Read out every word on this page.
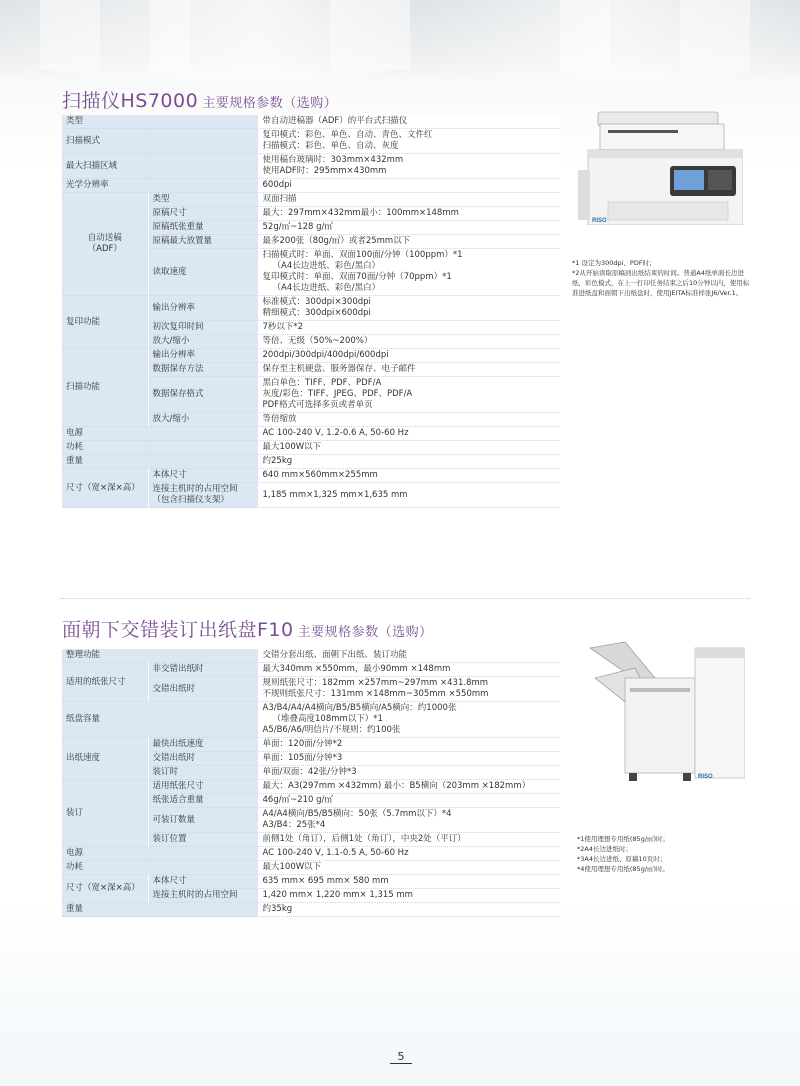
扫描仪HS7000 主要规格参数（选购）
类型		带自动进稿器（ADF）的平台式扫描仪

扫描模式		复印模式：彩色、单色、自动、青色、文件红
扫描模式：彩色、单色、自动、灰度

最大扫描区域		使用稿台玻璃时：303mm×432mm
使用ADF时：295mm×430mm

光学分辨率		600dpi

自动送稿
（ADF）	类型	双面扫描

	原稿尺寸	最大：297mm×432mm最小：100mm×148mm

	原稿纸张重量	52g/㎡~128 g/㎡

	原稿最大放置量	最多200张（80g/㎡）或者25mm以下

	读取速度	扫描模式时：单面、双面100面/分钟（100ppm）*1
（A4长边进纸、彩色/黑白）
复印模式时：单面、双面70面/分钟（70ppm）*1
（A4长边进纸、彩色/黑白）

复印功能	输出分辨率	标准模式：300dpi×300dpi
精细模式：300dpi×600dpi

	初次复印时间	7秒以下*2

	放大/缩小	等倍、无级（50%~200%）

扫描功能	输出分辨率	200dpi/300dpi/400dpi/600dpi

	数据保存方法	保存至主机硬盘、服务器保存、电子邮件

	数据保存格式	黑白单色：TIFF、PDF、PDF/A
灰度/彩色：TIFF、JPEG、PDF、PDF/A
PDF格式可选择多页或者单页

	放大/缩小	等倍缩放

电源		AC 100-240 V, 1.2-0.6 A, 50-60 Hz

功耗		最大100W以下

重量		约25kg

尺寸（宽×深×高）	本体尺寸	640 mm×560mm×255mm

	连接主机时的占用空间
（包含扫描仪支架）	1,185 mm×1,325 mm×1,635 mm
*1 设定为300dpi、PDF时；
*2从开始读取原稿到出纸结束的时间。普通A4纸单面长边进纸，彩色模式，在上一打印任务结束之后10分钟以内，使用标准进纸盘和面朝下出纸盘时，使用JEITA标准样张J6/Ver.1。
RISO
面朝下交错装订出纸盘F10 主要规格参数（选购）
整理功能		交错分套出纸、面朝下出纸、装订功能

适用的纸张尺寸	非交错出纸时	最大340mm ×550mm，最小90mm ×148mm

	交错出纸时	规则纸张尺寸：182mm ×257mm~297mm ×431.8mm
不规则纸张尺寸：131mm ×148mm~305mm ×550mm

纸盘容量		A3/B4/A4/A4横向/B5/B5横向/A5横向：约1000张
（堆叠高度108mm以下）*1
A5/B6/A6/明信片/不规则：约100张

出纸速度	最快出纸速度	单面：120面/分钟*2

	交错出纸时	单面：105面/分钟*3

	装订时	单面/双面：42张/分钟*3

装订	适用纸张尺寸	最大：A3(297mm ×432mm) 最小：B5横向（203mm ×182mm）

	纸张适合重量	46g/㎡~210 g/㎡

	可装订数量	A4/A4横向/B5/B5横向：50张（5.7mm以下）*4
A3/B4：25张*4

	装订位置	前侧1处（角订），后侧1处（角订），中央2处（平订）

电源		AC 100-240 V, 1.1-0.5 A, 50-60 Hz

功耗		最大100W以下

尺寸（宽×深×高）	本体尺寸	635 mm× 695 mm× 580 mm

	连接主机时的占用空间	1,420 mm× 1,220 mm× 1,315 mm

重量		约35kg
*1使用理想专用纸(85g/㎡)时；
*2A4长边进纸时；
*3A4长边进纸、原稿10页时；
*4使用理想专用纸(85g/㎡)时。
RISO
5
